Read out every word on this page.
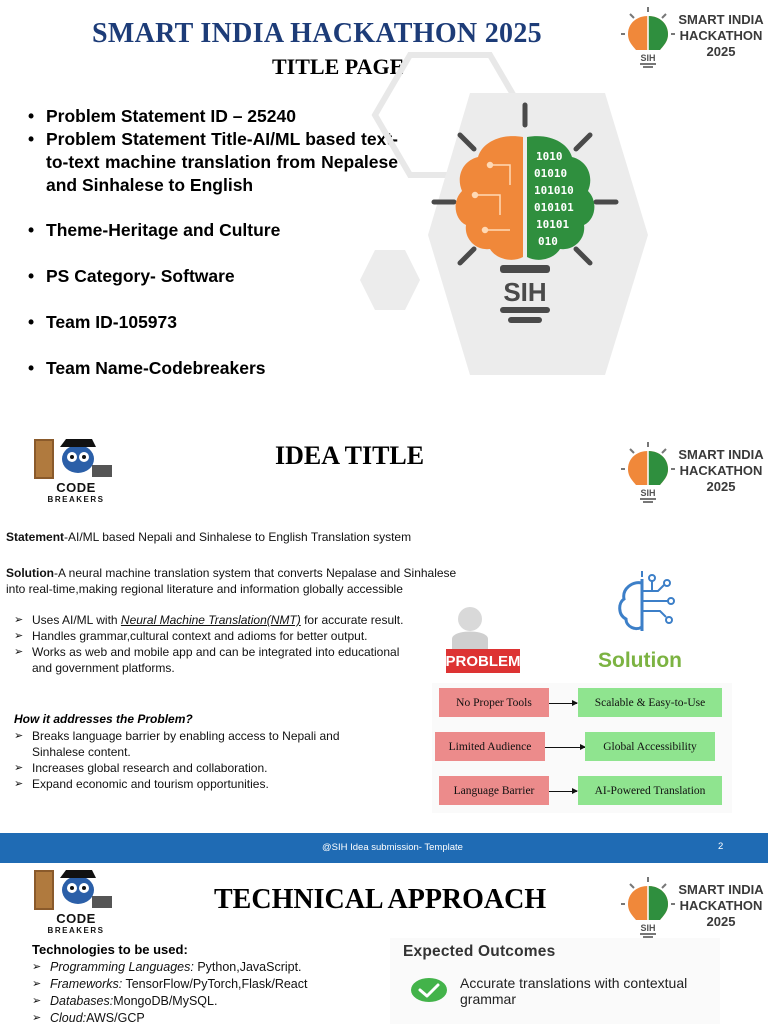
SMART INDIA HACKATHON 2025
TITLE PAGE	SIH
SMART INDIA
HACKATHON
2025
• Problem Statement ID – 25240
• Problem Statement Title-AI/ML based text-to-text machine translation from Nepalese and Sinhalese to English
• Theme-Heritage and Culture
• PS Category- Software
• Team ID-105973
• Team Name-Codebreakers
1010
01010
101010
010101
10101
010
SIH
CODE
BREAKERS
IDEA TITLE
SIH
SMART INDIA
HACKATHON
2025
Statement-AI/ML based Nepali and Sinhalese to English Translation system
Solution-A neural machine translation system that converts Nepalase and Sinhalese
into real-time,making regional literature and information globally accessible
➢ Uses AI/ML with Neural Machine Translation(NMT) for accurate result.
➢ Handles grammar,cultural context and adioms for better output.
➢ Works as web and mobile app and can be integrated into educational and government platforms.
How it addresses the Problem?
➢ Breaks language barrier by enabling access to Nepali and Sinhalese content.
➢ Increases global research and collaboration.
➢ Expand economic and tourism opportunities.
PROBLEM	Solution
No Proper Tools	Scalable & Easy-to-Use
Limited Audience	Global Accessibility
Language Barrier	AI-Powered Translation
@SIH Idea submission- Template	2
CODE
BREAKERS
TECHNICAL APPROACH
SIH
SMART INDIA
HACKATHON
2025
Technologies to be used:
➢ Programming Languages: Python,JavaScript.
➢ Frameworks: TensorFlow/PyTorch,Flask/React
➢ Databases:MongoDB/MySQL.
➢ Cloud:AWS/GCP
Expected Outcomes
Accurate translations with contextual grammar
